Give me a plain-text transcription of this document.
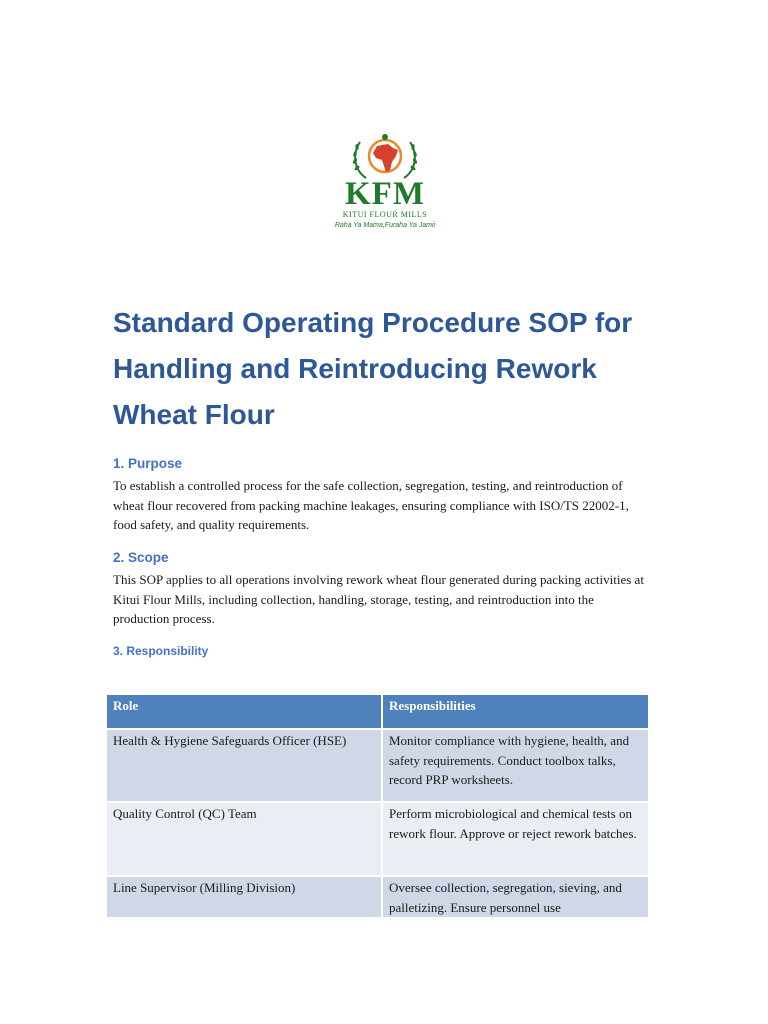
KFM
KITUI FLOUR MILLS
Raha Ya Mama,Furaha Ya Jamii
Standard Operating Procedure SOP for Handling and Reintroducing Rework Wheat Flour
1. Purpose

To establish a controlled process for the safe collection, segregation, testing, and reintroduction of wheat flour recovered from packing machine leakages, ensuring compliance with ISO/TS 22002-1, food safety, and quality requirements.

2. Scope

This SOP applies to all operations involving rework wheat flour generated during packing activities at Kitui Flour Mills, including collection, handling, storage, testing, and reintroduction into the production process.

3. Responsibility
Role	Responsibilities
Health & Hygiene Safeguards Officer (HSE)	Monitor compliance with hygiene, health, and safety requirements. Conduct toolbox talks, record PRP worksheets.
Quality Control (QC) Team	Perform microbiological and chemical tests on rework flour. Approve or reject rework batches.
Line Supervisor (Milling Division)	Oversee collection, segregation, sieving, and palletizing. Ensure personnel use
